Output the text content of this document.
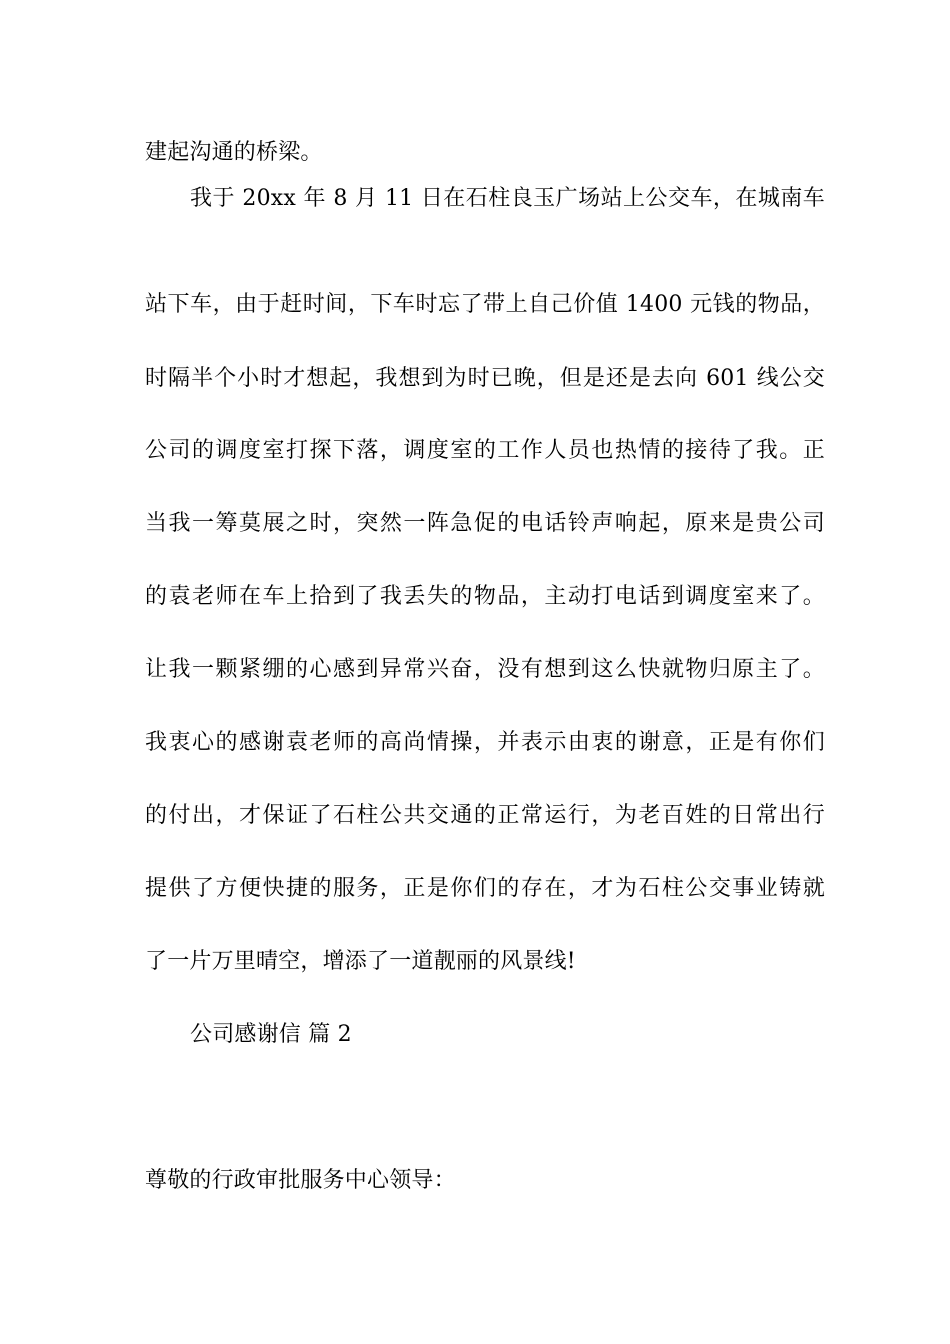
建起沟通的桥梁。
我于 20xx 年 8 月 11 日在石柱良玉广场站上公交车，在城南车
站下车，由于赶时间，下车时忘了带上自己价值 1400 元钱的物品，
时隔半个小时才想起，我想到为时已晚，但是还是去向 601 线公交
公司的调度室打探下落，调度室的工作人员也热情的接待了我。正
当我一筹莫展之时，突然一阵急促的电话铃声响起，原来是贵公司
的袁老师在车上拾到了我丢失的物品，主动打电话到调度室来了。
让我一颗紧绷的心感到异常兴奋，没有想到这么快就物归原主了。
我衷心的感谢袁老师的高尚情操，并表示由衷的谢意，正是有你们
的付出，才保证了石柱公共交通的正常运行，为老百姓的日常出行
提供了方便快捷的服务，正是你们的存在，才为石柱公交事业铸就
了一片万里晴空，增添了一道靓丽的风景线!
公司感谢信 篇 2
尊敬的行政审批服务中心领导：
